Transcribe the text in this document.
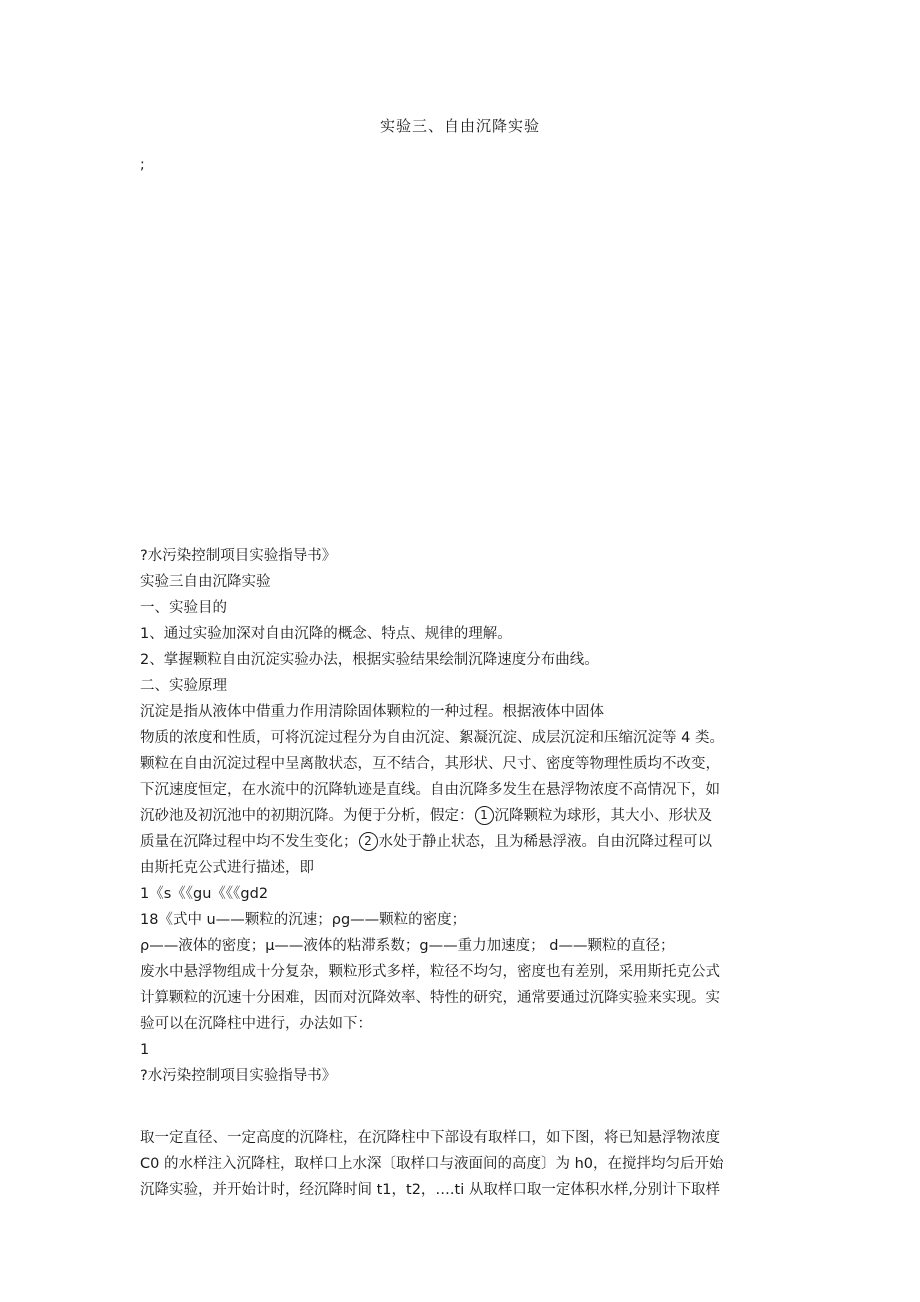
实验三、自由沉降实验
;
?水污染控制项目实验指导书》
实验三自由沉降实验
一、实验目的
1、通过实验加深对自由沉降的概念、特点、规律的理解。
2、掌握颗粒自由沉淀实验办法，根据实验结果绘制沉降速度分布曲线。
二、实验原理
沉淀是指从液体中借重力作用清除固体颗粒的一种过程。根据液体中固体
物质的浓度和性质，可将沉淀过程分为自由沉淀、絮凝沉淀、成层沉淀和压缩沉淀等 4 类。
颗粒在自由沉淀过程中呈离散状态，互不结合，其形状、尺寸、密度等物理性质均不改变，
下沉速度恒定，在水流中的沉降轨迹是直线。自由沉降多发生在悬浮物浓度不高情况下，如
沉砂池及初沉池中的初期沉降。为便于分析，假定： 1 沉降颗粒为球形，其大小、形状及
质量在沉降过程中均不发生变化； 2 水处于静止状态，且为稀悬浮液。自由沉降过程可以
由斯托克公式进行描述，即
1《s《《gu《《《gd2
18《式中 u——颗粒的沉速；ρg——颗粒的密度；
ρ——液体的密度；μ——液体的粘滞系数；g——重力加速度； d——颗粒的直径；
废水中悬浮物组成十分复杂，颗粒形式多样，粒径不均匀，密度也有差别，采用斯托克公式
计算颗粒的沉速十分困难，因而对沉降效率、特性的研究，通常要通过沉降实验来实现。实
验可以在沉降柱中进行，办法如下：
1
?水污染控制项目实验指导书》
取一定直径、一定高度的沉降柱，在沉降柱中下部设有取样口，如下图，将已知悬浮物浓度
C0 的水样注入沉降柱，取样口上水深〔取样口与液面间的高度〕为 h0，在搅拌均匀后开始
沉降实验，并开始计时，经沉降时间 t1，t2，….ti 从取样口取一定体积水样,分别计下取样
